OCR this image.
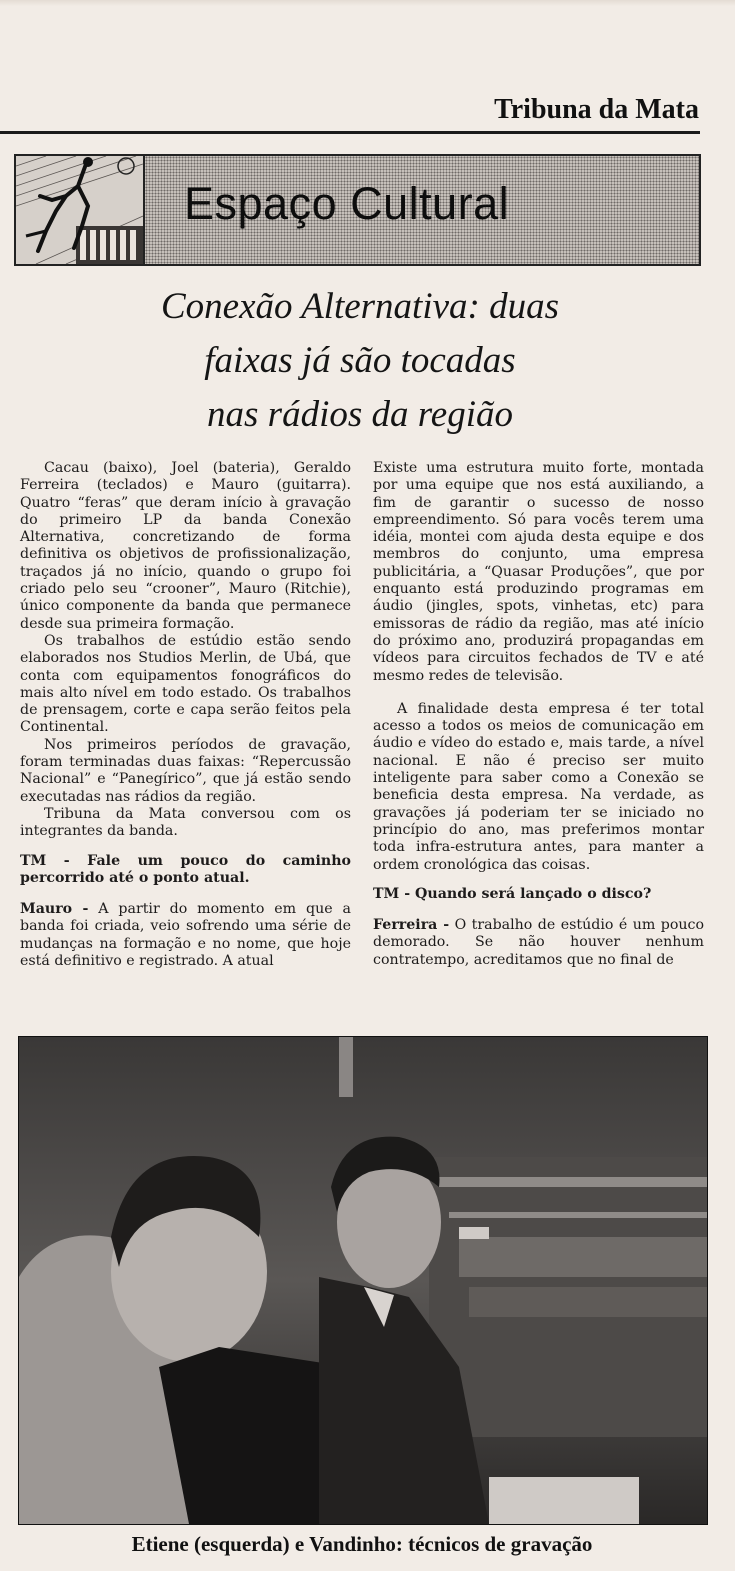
Tribuna da Mata
Espaço Cultural
Conexão Alternativa: duas
faixas já são tocadas
nas rádios da região

Cacau (baixo), Joel (bateria), Geraldo Ferreira (teclados) e Mauro (guitarra). Quatro “feras” que deram início à gravação do primeiro LP da banda Conexão Alternativa, concretizando de forma definitiva os objetivos de profissionalização, traçados já no início, quando o grupo foi criado pelo seu “crooner”, Mauro (Ritchie), único componente da banda que permanece desde sua primeira formação.

Os trabalhos de estúdio estão sendo elaborados nos Studios Merlin, de Ubá, que conta com equipamentos fonográficos do mais alto nível em todo estado. Os trabalhos de prensagem, corte e capa serão feitos pela Continental.

Nos primeiros períodos de gravação, foram terminadas duas faixas: “Repercussão Nacional” e “Panegírico”, que já estão sendo executadas nas rádios da região.

Tribuna da Mata conversou com os integrantes da banda.

TM - Fale um pouco do caminho percorrido até o ponto atual.

Mauro - A partir do momento em que a banda foi criada, veio sofrendo uma série de mudanças na formação e no nome, que hoje está definitivo e registrado. A atual

Existe uma estrutura muito forte, montada por uma equipe que nos está auxiliando, a fim de garantir o sucesso de nosso empreendimento. Só para vocês terem uma idéia, montei com ajuda desta equipe e dos membros do conjunto, uma empresa publicitária, a “Quasar Produções”, que por enquanto está produzindo programas em áudio (jingles, spots, vinhetas, etc) para emissoras de rádio da região, mas até início do próximo ano, produzirá propagandas em vídeos para circuitos fechados de TV e até mesmo redes de televisão.

A finalidade desta empresa é ter total acesso a todos os meios de comunicação em áudio e vídeo do estado e, mais tarde, a nível nacional. E não é preciso ser muito inteligente para saber como a Conexão se beneficia desta empresa. Na verdade, as gravações já poderiam ter se iniciado no princípio do ano, mas preferimos montar toda infra-estrutura antes, para manter a ordem cronológica das coisas.

TM - Quando será lançado o disco?

Ferreira - O trabalho de estúdio é um pouco demorado. Se não houver nenhum contratempo, acreditamos que no final de

Etiene (esquerda) e Vandinho: técnicos de gravação
